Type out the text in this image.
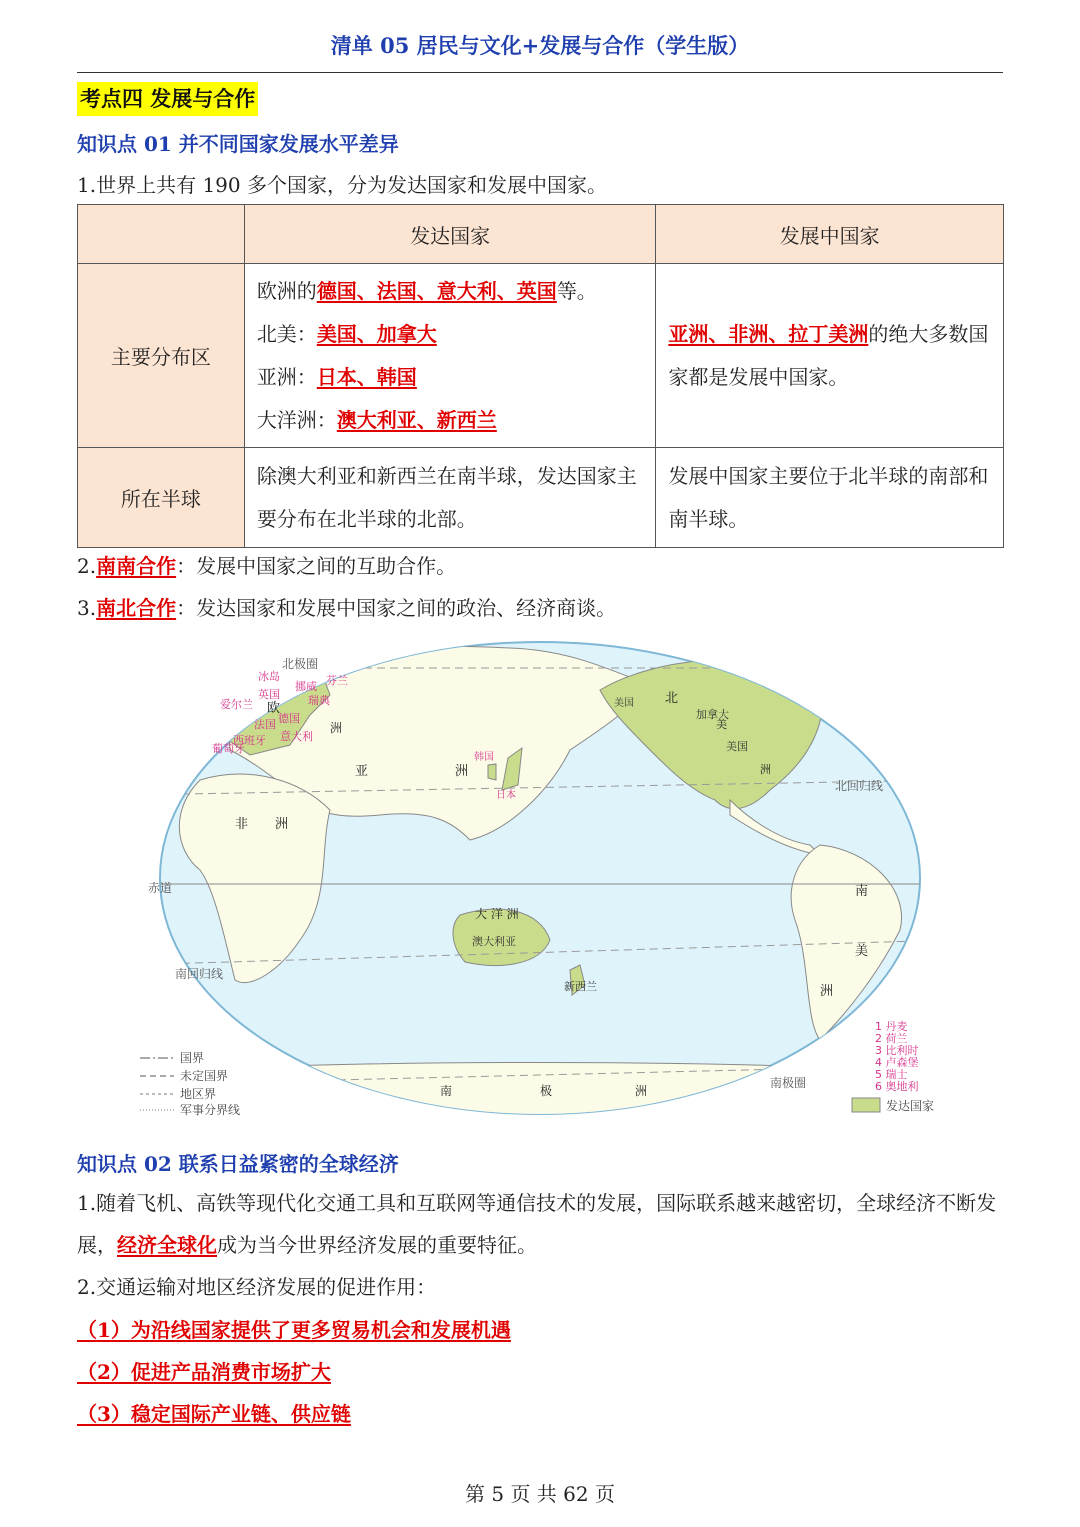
清单 05 居民与文化+发展与合作（学生版）
考点四 发展与合作
知识点 01 并不同国家发展水平差异
1.世界上共有 190 多个国家，分为发达国家和发展中国家。
	发达国家	发展中国家
主要分布区	欧洲的德国、法国、意大利、英国等。
北美：美国、加拿大
亚洲：日本、韩国
大洋洲：澳大利亚、新西兰	亚洲、非洲、拉丁美洲的绝大多数国家都是发展中国家。
所在半球	除澳大利亚和新西兰在南半球，发达国家主要分布在北半球的北部。	发展中国家主要位于北半球的南部和南半球。
2.南南合作：发展中国家之间的互助合作。
3.南北合作：发达国家和发展中国家之间的政治、经济商谈。
北极圈
北回归线
赤道
南回归线
南极圈
冰岛
英国
爱尔兰
挪威
瑞典
芬兰
德国
法国
意大利
西班牙
葡萄牙
欧
洲
亚	洲
非 洲
韩国
日本
大 洋 洲
澳大利亚
新西兰
美国 北
美
加拿大
美国
洲
南
美
洲
南	极	洲
国界
未定国界
地区界
军事分界线
1 丹麦
2 荷兰
3 比利时
4 卢森堡
5 瑞士
6 奥地利
发达国家
知识点 02 联系日益紧密的全球经济
1.随着飞机、高铁等现代化交通工具和互联网等通信技术的发展，国际联系越来越密切，全球经济不断发展，经济全球化成为当今世界经济发展的重要特征。
2.交通运输对地区经济发展的促进作用：
（1）为沿线国家提供了更多贸易机会和发展机遇
（2）促进产品消费市场扩大
（3）稳定国际产业链、供应链
第 5 页 共 62 页
